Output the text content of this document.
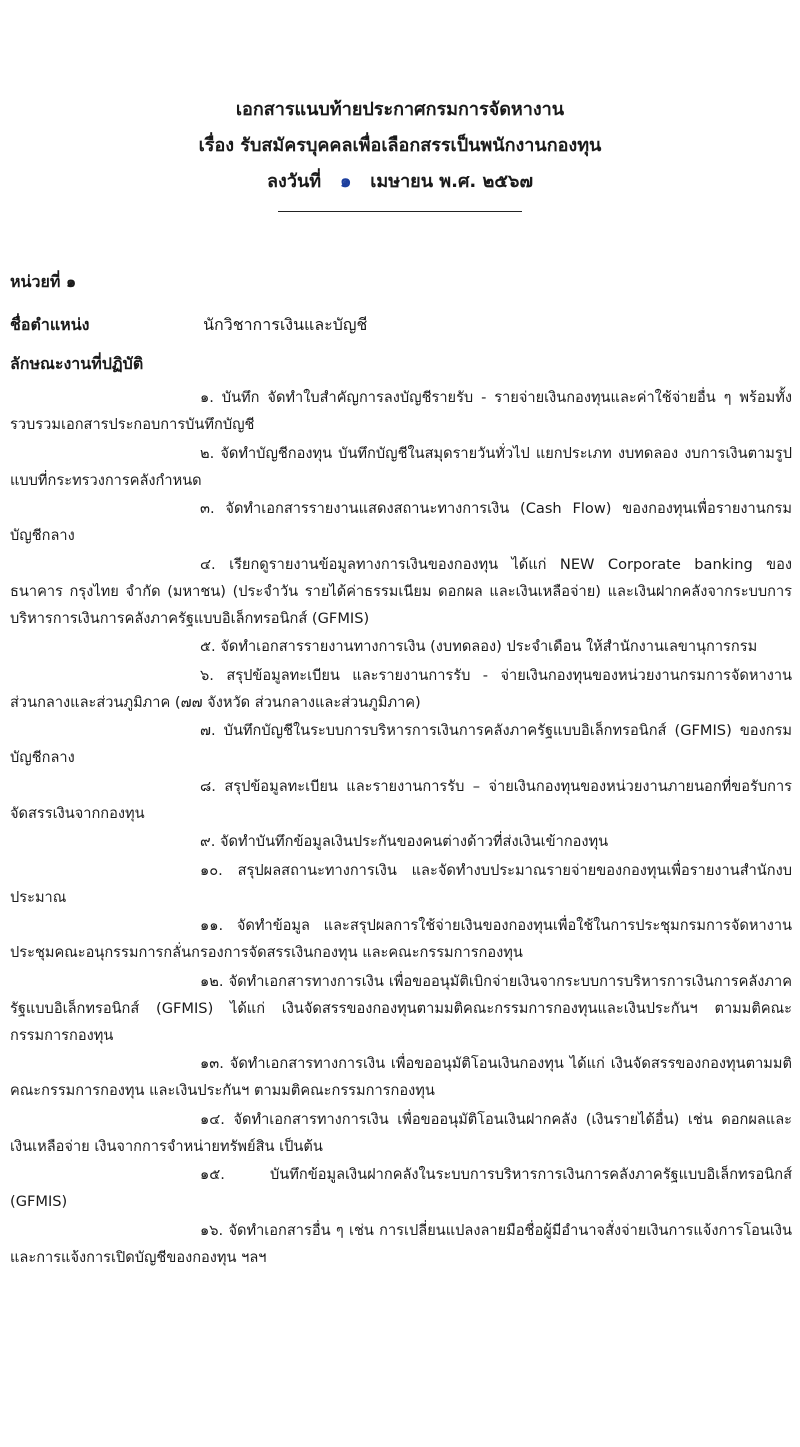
เอกสารแนบท้ายประกาศกรมการจัดหางาน
เรื่อง รับสมัครบุคคลเพื่อเลือกสรรเป็นพนักงานกองทุน
ลงวันที่ ๑ เมษายน พ.ศ. ๒๕๖๗
หน่วยที่ ๑
ชื่อตำแหน่ง	นักวิชาการเงินและบัญชี
ลักษณะงานที่ปฏิบัติ
๑. บันทึก จัดทำใบสำคัญการลงบัญชีรายรับ - รายจ่ายเงินกองทุนและค่าใช้จ่ายอื่น ๆ พร้อมทั้งรวบรวมเอกสารประกอบการบันทึกบัญชี
๒. จัดทำบัญชีกองทุน บันทึกบัญชีในสมุดรายวันทั่วไป แยกประเภท งบทดลอง งบการเงินตามรูปแบบที่กระทรวงการคลังกำหนด
๓. จัดทำเอกสารรายงานแสดงสถานะทางการเงิน (Cash Flow) ของกองทุนเพื่อรายงานกรมบัญชีกลาง
๔. เรียกดูรายงานข้อมูลทางการเงินของกองทุน ได้แก่ NEW Corporate banking ของธนาคาร กรุงไทย จำกัด (มหาชน) (ประจำวัน รายได้ค่าธรรมเนียม ดอกผล และเงินเหลือจ่าย) และเงินฝากคลังจากระบบการบริหารการเงินการคลังภาครัฐแบบอิเล็กทรอนิกส์ (GFMIS)
๕. จัดทำเอกสารรายงานทางการเงิน (งบทดลอง) ประจำเดือน ให้สำนักงานเลขานุการกรม
๖. สรุปข้อมูลทะเบียน และรายงานการรับ - จ่ายเงินกองทุนของหน่วยงานกรมการจัดหางาน ส่วนกลางและส่วนภูมิภาค (๗๗ จังหวัด ส่วนกลางและส่วนภูมิภาค)
๗. บันทึกบัญชีในระบบการบริหารการเงินการคลังภาครัฐแบบอิเล็กทรอนิกส์ (GFMIS) ของกรมบัญชีกลาง
๘. สรุปข้อมูลทะเบียน และรายงานการรับ – จ่ายเงินกองทุนของหน่วยงานภายนอกที่ขอรับการจัดสรรเงินจากกองทุน
๙. จัดทำบันทึกข้อมูลเงินประกันของคนต่างด้าวที่ส่งเงินเข้ากองทุน
๑๐. สรุปผลสถานะทางการเงิน และจัดทำงบประมาณรายจ่ายของกองทุนเพื่อรายงานสำนักงบประมาณ
๑๑. จัดทำข้อมูล และสรุปผลการใช้จ่ายเงินของกองทุนเพื่อใช้ในการประชุมกรมการจัดหางาน ประชุมคณะอนุกรรมการกลั่นกรองการจัดสรรเงินกองทุน และคณะกรรมการกองทุน
๑๒. จัดทำเอกสารทางการเงิน เพื่อขออนุมัติเบิกจ่ายเงินจากระบบการบริหารการเงินการคลังภาครัฐแบบอิเล็กทรอนิกส์ (GFMIS) ได้แก่ เงินจัดสรรของกองทุนตามมติคณะกรรมการกองทุนและเงินประกันฯ ตามมติคณะกรรมการกองทุน
๑๓. จัดทำเอกสารทางการเงิน เพื่อขออนุมัติโอนเงินกองทุน ได้แก่ เงินจัดสรรของกองทุนตามมติคณะกรรมการกองทุน และเงินประกันฯ ตามมติคณะกรรมการกองทุน
๑๔. จัดทำเอกสารทางการเงิน เพื่อขออนุมัติโอนเงินฝากคลัง (เงินรายได้อื่น) เช่น ดอกผลและเงินเหลือจ่าย เงินจากการจำหน่ายทรัพย์สิน เป็นต้น
๑๕. บันทึกข้อมูลเงินฝากคลังในระบบการบริหารการเงินการคลังภาครัฐแบบอิเล็กทรอนิกส์ (GFMIS)
๑๖. จัดทำเอกสารอื่น ๆ เช่น การเปลี่ยนแปลงลายมือชื่อผู้มีอำนาจสั่งจ่ายเงินการแจ้งการโอนเงิน และการแจ้งการเปิดบัญชีของกองทุน ฯลฯ
